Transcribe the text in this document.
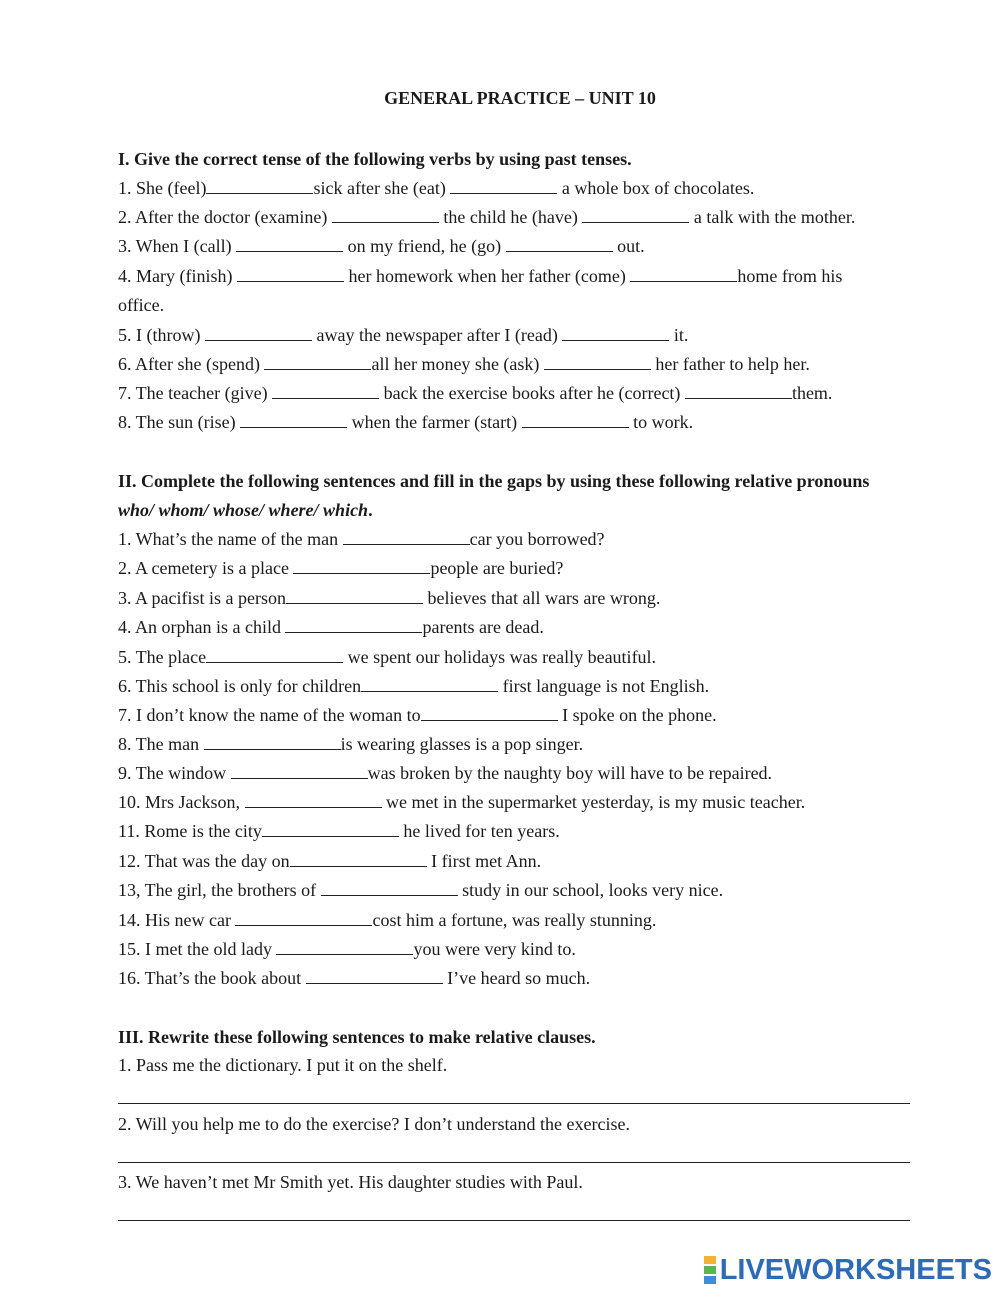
GENERAL PRACTICE – UNIT 10
I. Give the correct tense of the following verbs by using past tenses.
1. She (feel)	sick after she (eat)	a whole box of chocolates.
2. After the doctor (examine)	the child he (have)	a talk with the mother.
3. When I (call)	on my friend, he (go)	out.
4. Mary (finish)	her homework when her father (come)	home from his
office.
5. I (throw)	away the newspaper after I (read)	it.
6. After she (spend)	all her money she (ask)	her father to help her.
7. The teacher (give)	back the exercise books after he (correct)	them.
8. The sun (rise)	when the farmer (start)	to work.
II. Complete the following sentences and fill in the gaps by using these following relative pronouns
who/ whom/ whose/ where/ which.
1. What’s the name of the man	car you borrowed?
2. A cemetery is a place	people are buried?
3. A pacifist is a person	believes that all wars are wrong.
4. An orphan is a child	parents are dead.
5. The place	we spent our holidays was really beautiful.
6. This school is only for children	first language is not English.
7. I don’t know the name of the woman to	I spoke on the phone.
8. The man	is wearing glasses is a pop singer.
9. The window	was broken by the naughty boy will have to be repaired.
10. Mrs Jackson,	we met in the supermarket yesterday, is my music teacher.
11. Rome is the city	he lived for ten years.
12. That was the day on	I first met Ann.
13, The girl, the brothers of	study in our school, looks very nice.
14. His new car	cost him a fortune, was really stunning.
15. I met the old lady	you were very kind to.
16. That’s the book about	I’ve heard so much.
III. Rewrite these following sentences to make relative clauses.
1. Pass me the dictionary. I put it on the shelf.
2. Will you help me to do the exercise? I don’t understand the exercise.
3. We haven’t met Mr Smith yet. His daughter studies with Paul.
LIVEWORKSHEETS
